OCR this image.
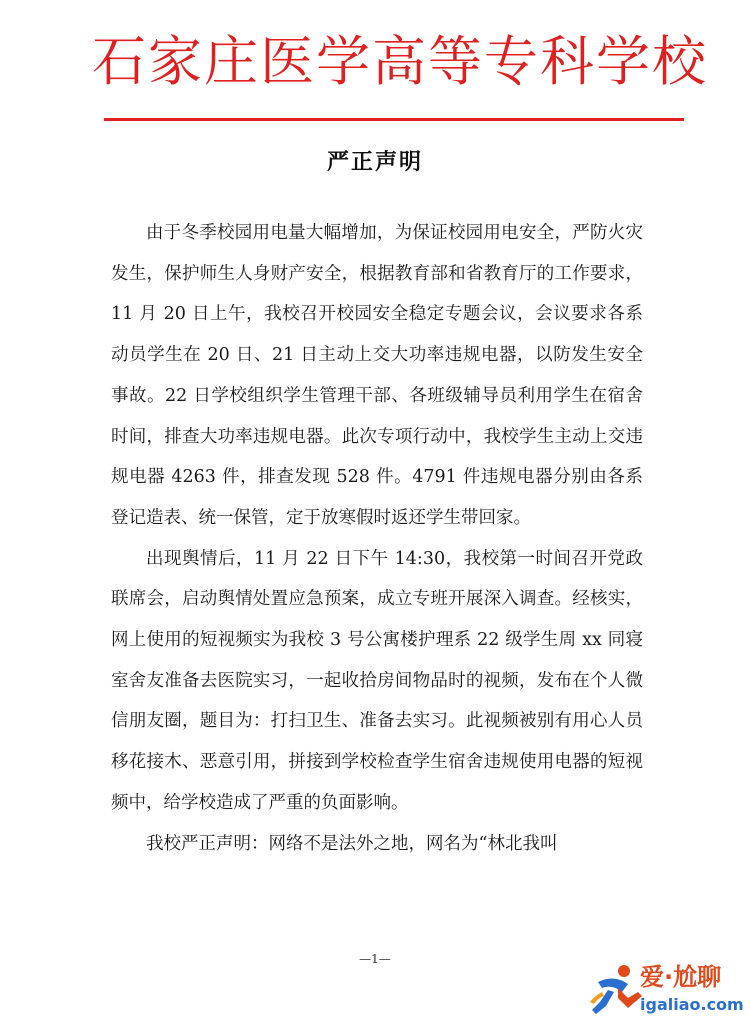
石家庄医学高等专科学校
严正声明

由于冬季校园用电量大幅增加，为保证校园用电安全，严防火灾发生，保护师生人身财产安全，根据教育部和省教育厅的工作要求，11 月 20 日上午，我校召开校园安全稳定专题会议，会议要求各系动员学生在 20 日、21 日主动上交大功率违规电器，以防发生安全事故。22 日学校组织学生管理干部、各班级辅导员利用学生在宿舍时间，排查大功率违规电器。此次专项行动中，我校学生主动上交违规电器 4263 件，排查发现 528 件。4791 件违规电器分别由各系登记造表、统一保管，定于放寒假时返还学生带回家。

出现舆情后，11 月 22 日下午 14:30，我校第一时间召开党政联席会，启动舆情处置应急预案，成立专班开展深入调查。经核实，网上使用的短视频实为我校 3 号公寓楼护理系 22 级学生周 xx 同寝室舍友准备去医院实习，一起收拾房间物品时的视频，发布在个人微信朋友圈，题目为：打扫卫生、准备去实习。此视频被别有用心人员移花接木、恶意引用，拼接到学校检查学生宿舍违规使用电器的短视频中，给学校造成了严重的负面影响。

我校严正声明：网络不是法外之地，网名为“林北我叫

—1—
爱·尬聊
igaliao.com
